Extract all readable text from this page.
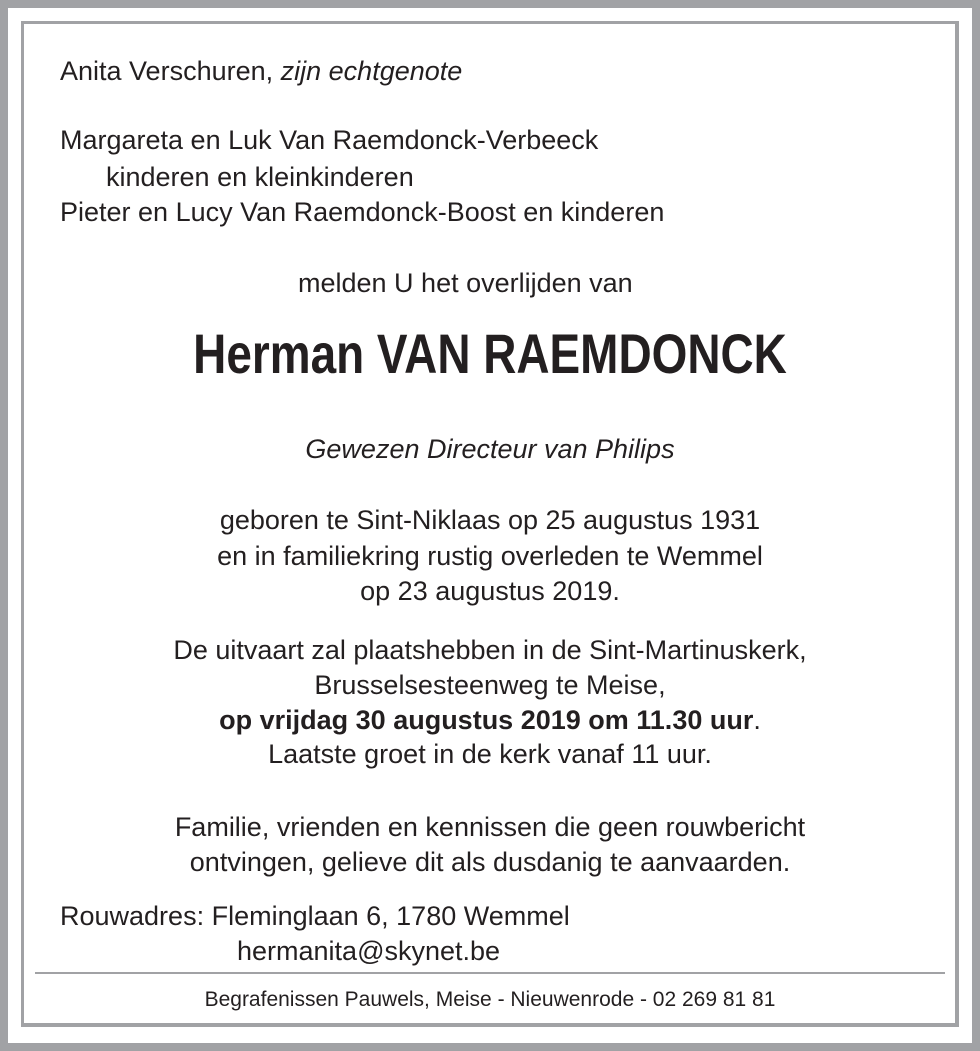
Anita Verschuren, zijn echtgenote
Margareta en Luk Van Raemdonck-Verbeeck
kinderen en kleinkinderen
Pieter en Lucy Van Raemdonck-Boost en kinderen
melden U het overlijden van
Herman VAN RAEMDONCK
Gewezen Directeur van Philips
geboren te Sint-Niklaas op 25 augustus 1931
en in familiekring rustig overleden te Wemmel
op 23 augustus 2019.
De uitvaart zal plaatshebben in de Sint-Martinuskerk,
Brusselsesteenweg te Meise,
op vrijdag 30 augustus 2019 om 11.30 uur.
Laatste groet in de kerk vanaf 11 uur.
Familie, vrienden en kennissen die geen rouwbericht
ontvingen, gelieve dit als dusdanig te aanvaarden.
Rouwadres: Fleminglaan 6, 1780 Wemmel
hermanita@skynet.be
Begrafenissen Pauwels, Meise - Nieuwenrode - 02 269 81 81
